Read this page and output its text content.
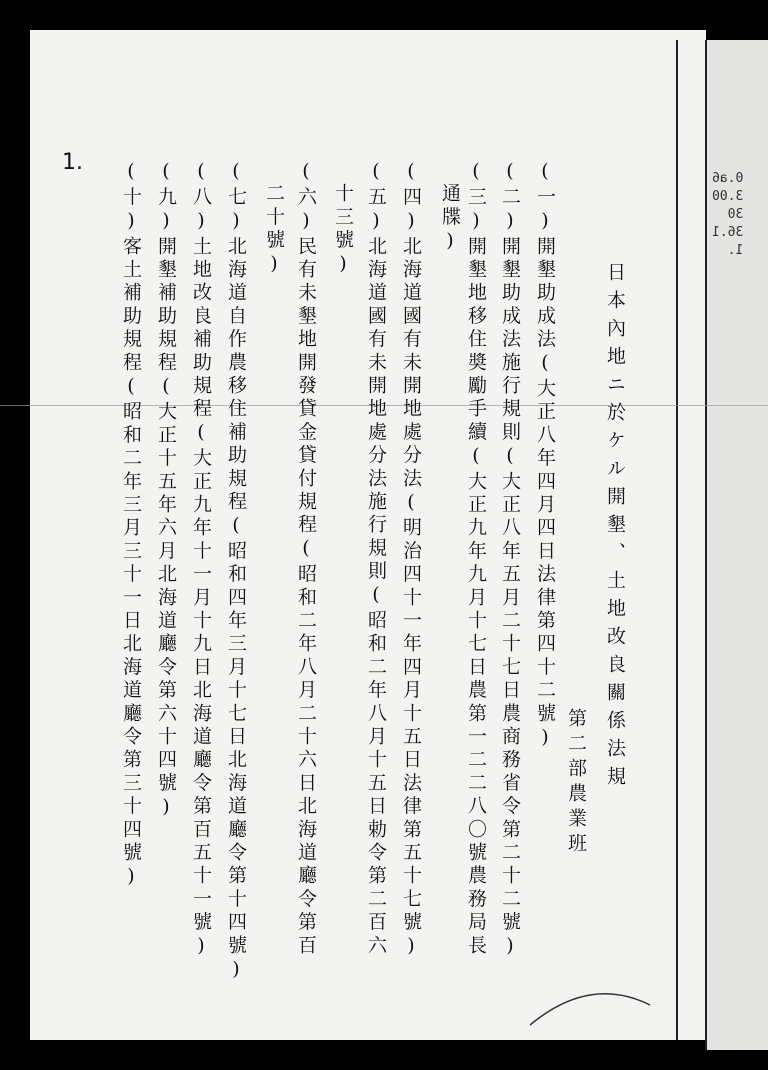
0.a6
3.00
30
36.1
1.
日本內地ニ於ケル開墾、土地改良關係法規
第二部農業班
(一)開墾助成法(大正八年四月四日法律第四十二號)
(二)開墾助成法施行規則(大正八年五月二十七日農商務省令第二十二號)
(三)開墾地移住奬勵手續(大正九年九月十七日農第一二二八〇號農務局長
通牒)
(四)北海道國有未開地處分法(明治四十一年四月十五日法律第五十七號)
(五)北海道國有未開地處分法施行規則(昭和二年八月十五日勅令第二百六
十三號)
(六)民有未墾地開發貸金貸付規程(昭和二年八月二十六日北海道廳令第百
二十號)
(七)北海道自作農移住補助規程(昭和四年三月十七日北海道廳令第十四號)
(八)土地改良補助規程(大正九年十一月十九日北海道廳令第百五十一號)
(九)開墾補助規程(大正十五年六月北海道廳令第六十四號)
(十)客土補助規程(昭和二年三月三十一日北海道廳令第三十四號)
1.
